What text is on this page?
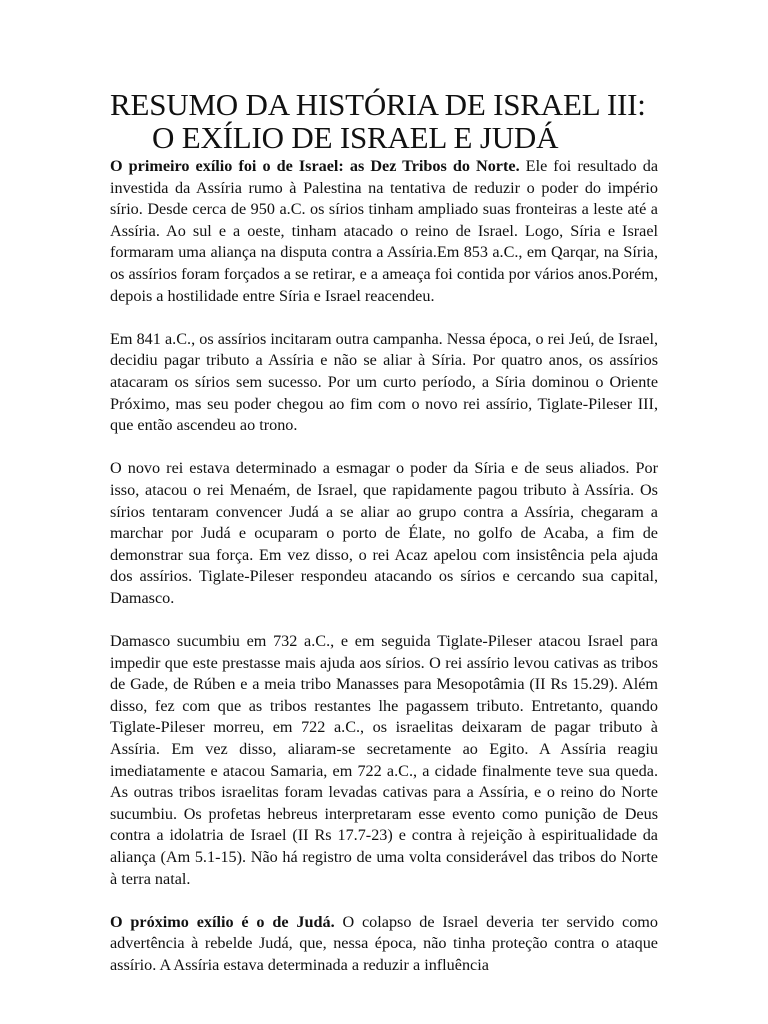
RESUMO DA HISTÓRIA DE ISRAEL III:
O EXÍLIO DE ISRAEL E JUDÁ

O primeiro exílio foi o de Israel: as Dez Tribos do Norte. Ele foi resultado da investida da Assíria rumo à Palestina na tentativa de reduzir o poder do império sírio. Desde cerca de 950 a.C. os sírios tinham ampliado suas fronteiras a leste até a Assíria. Ao sul e a oeste, tinham atacado o reino de Israel. Logo, Síria e Israel formaram uma aliança na disputa contra a Assíria.Em 853 a.C., em Qarqar, na Síria, os assírios foram forçados a se retirar, e a ameaça foi contida por vários anos.Porém, depois a hostilidade entre Síria e Israel reacendeu.

Em 841 a.C., os assírios incitaram outra campanha. Nessa época, o rei Jeú, de Israel, decidiu pagar tributo a Assíria e não se aliar à Síria. Por quatro anos, os assírios atacaram os sírios sem sucesso. Por um curto período, a Síria dominou o Oriente Próximo, mas seu poder chegou ao fim com o novo rei assírio, Tiglate-Pileser III, que então ascendeu ao trono.

O novo rei estava determinado a esmagar o poder da Síria e de seus aliados. Por isso, atacou o rei Menaém, de Israel, que rapidamente pagou tributo à Assíria. Os sírios tentaram convencer Judá a se aliar ao grupo contra a Assíria, chegaram a marchar por Judá e ocuparam o porto de Élate, no golfo de Acaba, a fim de demonstrar sua força. Em vez disso, o rei Acaz apelou com insistência pela ajuda dos assírios. Tiglate-Pileser respondeu atacando os sírios e cercando sua capital, Damasco.

Damasco sucumbiu em 732 a.C., e em seguida Tiglate-Pileser atacou Israel para impedir que este prestasse mais ajuda aos sírios. O rei assírio levou cativas as tribos de Gade, de Rúben e a meia tribo Manasses para Mesopotâmia (II Rs 15.29). Além disso, fez com que as tribos restantes lhe pagassem tributo. Entretanto, quando Tiglate-Pileser morreu, em 722 a.C., os israelitas deixaram de pagar tributo à Assíria. Em vez disso, aliaram-se secretamente ao Egito. A Assíria reagiu imediatamente e atacou Samaria, em 722 a.C., a cidade finalmente teve sua queda. As outras tribos israelitas foram levadas cativas para a Assíria, e o reino do Norte sucumbiu. Os profetas hebreus interpretaram esse evento como punição de Deus contra a idolatria de Israel (II Rs 17.7-23) e contra à rejeição à espiritualidade da aliança (Am 5.1-15). Não há registro de uma volta considerável das tribos do Norte à terra natal.

O próximo exílio é o de Judá. O colapso de Israel deveria ter servido como advertência à rebelde Judá, que, nessa época, não tinha proteção contra o ataque assírio. A Assíria estava determinada a reduzir a influência
